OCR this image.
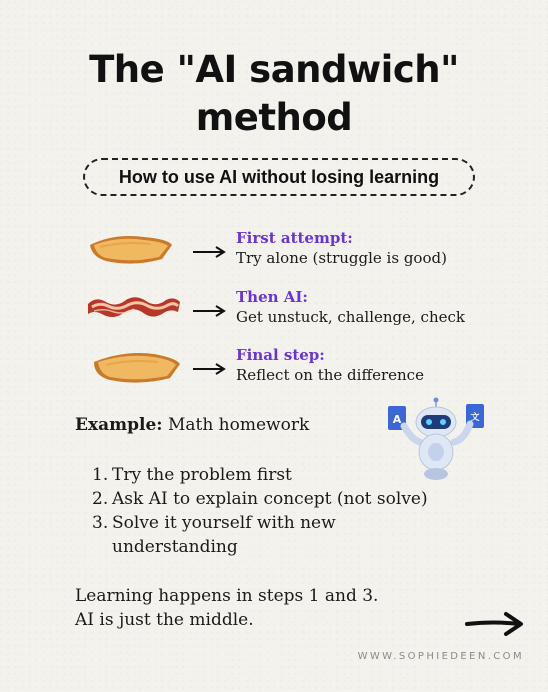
The "AI sandwich"
method
How to use AI without losing learning
First attempt:
Try alone (struggle is good)
Then AI:
Get unstuck, challenge, check
Final step:
Reflect on the difference
Example: Math homework	A	文
1. Try the problem first
2. Ask AI to explain concept (not solve)
3. Solve it yourself with new
understanding
Learning happens in steps 1 and 3.
AI is just the middle.
WWW.SOPHIEDEEN.COM
